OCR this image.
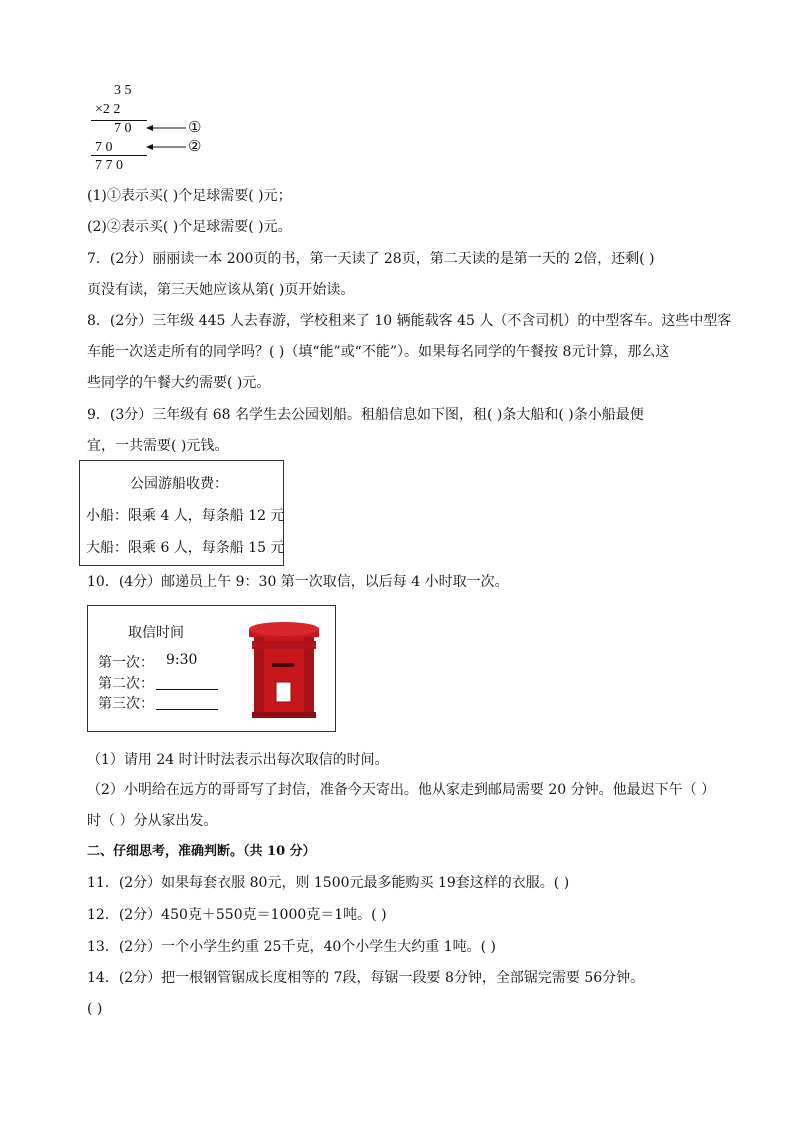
3 5
×2 2
7 0
7 0
7 7 0
①
②
(1)①表示买( )个足球需要( )元；
(2)②表示买( )个足球需要( )元。
7．(2分）丽丽读一本 200页的书，第一天读了 28页，第二天读的是第一天的 2倍，还剩( )
页没有读，第三天她应该从第( )页开始读。
8．(2分）三年级 445 人去春游，学校租来了 10 辆能载客 45 人（不含司机）的中型客车。这些中型客
车能一次送走所有的同学吗？( )（填“能”或“不能”）。如果每名同学的午餐按 8元计算，那么这
些同学的午餐大约需要( )元。
9．(3分）三年级有 68 名学生去公园划船。租船信息如下图，租( )条大船和( )条小船最便
宜，一共需要( )元钱。
公园游船收费：
小船：限乘 4 人，每条船 12 元
大船：限乘 6 人，每条船 15 元
10．(4分）邮递员上午 9：30 第一次取信，以后每 4 小时取一次。
取信时间
第一次： 9:30
第二次：
第三次：
（1）请用 24 时计时法表示出每次取信的时间。
（2）小明给在远方的哥哥写了封信，准备今天寄出。他从家走到邮局需要 20 分钟。他最迟下午（ ）
时（ ）分从家出发。
二、仔细思考，准确判断。（共 10 分）
11．(2分）如果每套衣服 80元，则 1500元最多能购买 19套这样的衣服。( )
12．(2分）450克＋550克＝1000克＝1吨。( )
13．(2分）一个小学生约重 25千克，40个小学生大约重 1吨。( )
14．(2分）把一根钢管锯成长度相等的 7段，每锯一段要 8分钟，全部锯完需要 56分钟。
( )
